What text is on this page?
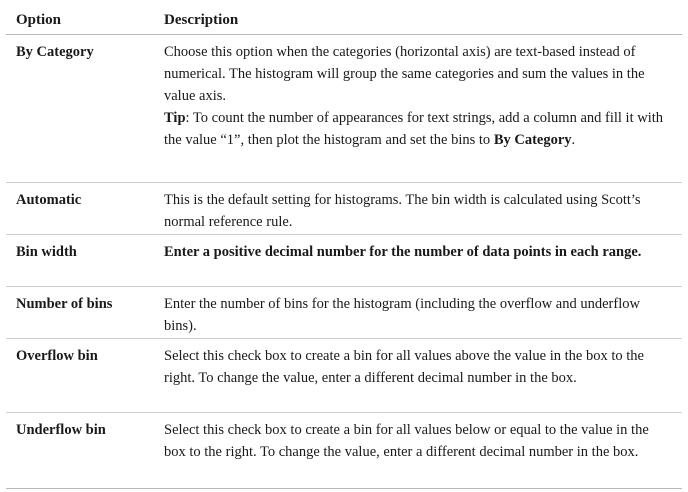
Option	Description
By Category	Choose this option when the categories (horizontal axis) are text-based instead of numerical. The histogram will group the same categories and sum the values in the value axis.

Tip: To count the number of appearances for text strings, add a column and fill it with the value “1”, then plot the histogram and set the bins to By Category.

Automatic	This is the default setting for histograms. The bin width is calculated using Scott’s normal reference rule.

Bin width	Enter a positive decimal number for the number of data points in each range.

Number of bins	Enter the number of bins for the histogram (including the overflow and underflow bins).

Overflow bin	Select this check box to create a bin for all values above the value in the box to the right. To change the value, enter a different decimal number in the box.

Underflow bin	Select this check box to create a bin for all values below or equal to the value in the box to the right. To change the value, enter a different decimal number in the box.
